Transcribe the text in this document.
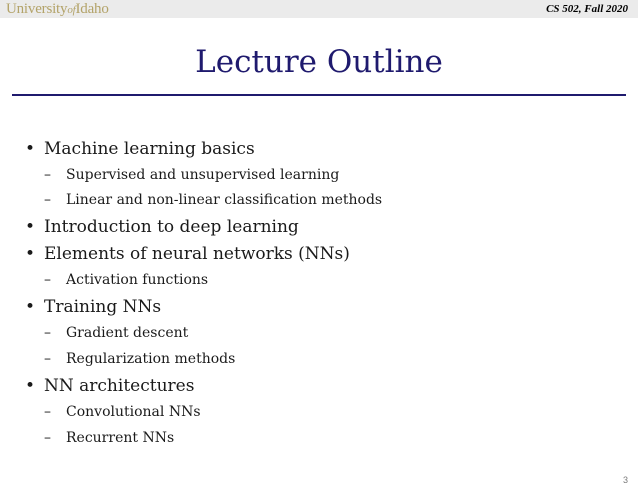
UniversityofIdaho	CS 502, Fall 2020
Lecture Outline
• Machine learning basics
– Supervised and unsupervised learning
– Linear and non-linear classification methods
• Introduction to deep learning
• Elements of neural networks (NNs)
– Activation functions
• Training NNs
– Gradient descent
– Regularization methods
• NN architectures
– Convolutional NNs
– Recurrent NNs
3
